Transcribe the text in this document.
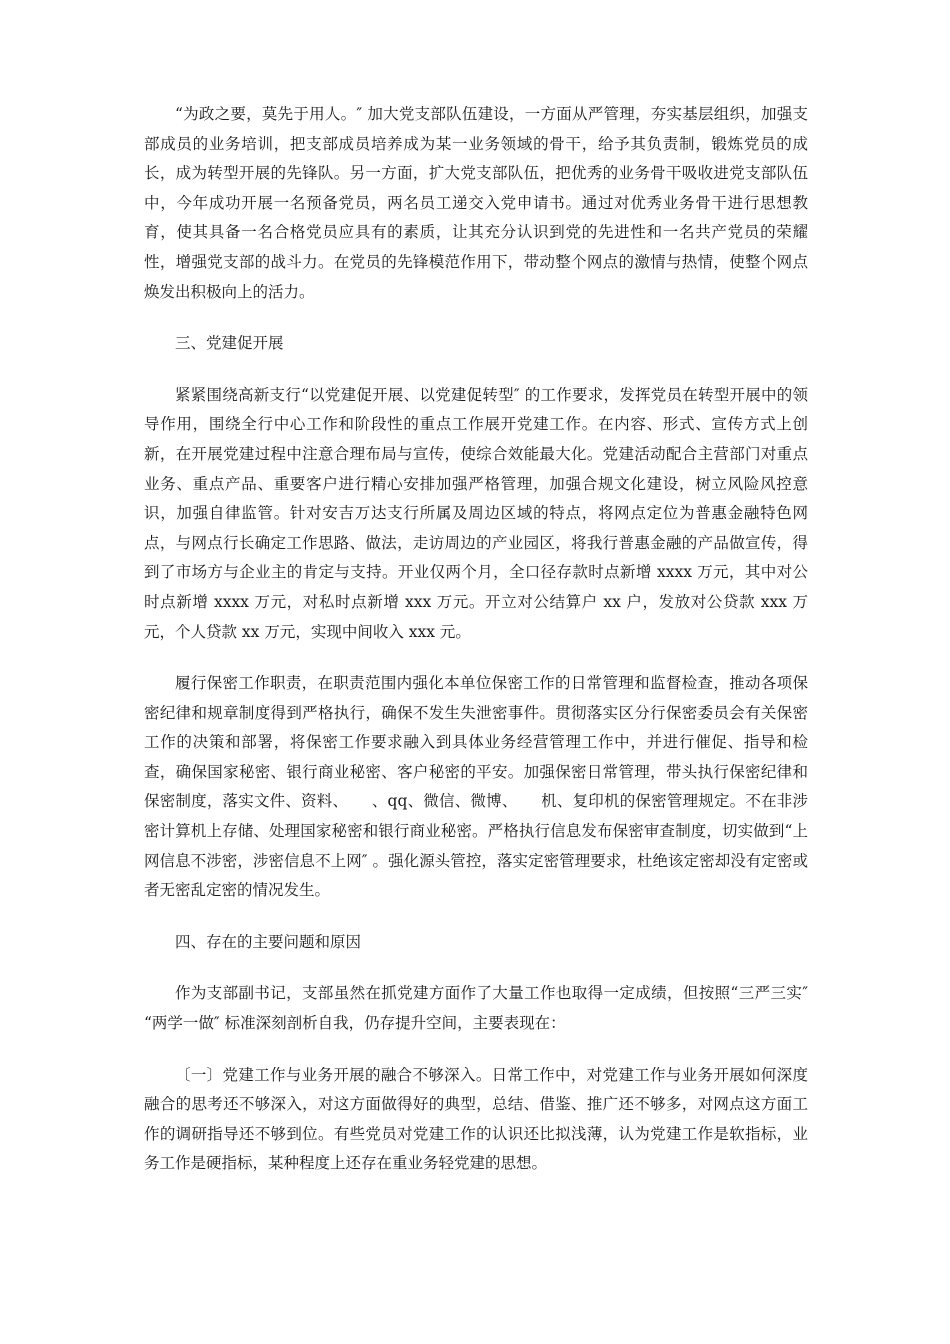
“为政之要，莫先于用人。″ 加大党支部队伍建设，一方面从严管理，夯实基层组织，加强支部成员的业务培训，把支部成员培养成为某一业务领域的骨干，给予其负责制，锻炼党员的成长，成为转型开展的先锋队。另一方面，扩大党支部队伍，把优秀的业务骨干吸收进党支部队伍中，今年成功开展一名预备党员，两名员工递交入党申请书。通过对优秀业务骨干进行思想教育，使其具备一名合格党员应具有的素质，让其充分认识到党的先进性和一名共产党员的荣耀性，增强党支部的战斗力。在党员的先锋模范作用下，带动整个网点的激情与热情，使整个网点焕发出积极向上的活力。

三、党建促开展

紧紧围绕高新支行“以党建促开展、以党建促转型″ 的工作要求，发挥党员在转型开展中的领导作用，围绕全行中心工作和阶段性的重点工作展开党建工作。在内容、形式、宣传方式上创新，在开展党建过程中注意合理布局与宣传，使综合效能最大化。党建活动配合主营部门对重点业务、重点产品、重要客户进行精心安排加强严格管理，加强合规文化建设，树立风险风控意识，加强自律监管。针对安吉万达支行所属及周边区域的特点，将网点定位为普惠金融特色网点，与网点行长确定工作思路、做法，走访周边的产业园区，将我行普惠金融的产品做宣传，得到了市场方与企业主的肯定与支持。开业仅两个月，全口径存款时点新增 xxxx 万元，其中对公时点新增 xxxx 万元，对私时点新增 xxx 万元。开立对公结算户 xx 户，发放对公贷款 xxx 万元，个人贷款 xx 万元，实现中间收入 xxx 元。

履行保密工作职责，在职责范围内强化本单位保密工作的日常管理和监督检查，推动各项保密纪律和规章制度得到严格执行，确保不发生失泄密事件。贯彻落实区分行保密委员会有关保密工作的决策和部署，将保密工作要求融入到具体业务经营管理工作中，并进行催促、指导和检查，确保国家秘密、银行商业秘密、客户秘密的平安。加强保密日常管理，带头执行保密纪律和保密制度，落实文件、资料、　　、qq、微信、微博、　　机、复印机的保密管理规定。不在非涉密计算机上存储、处理国家秘密和银行商业秘密。严格执行信息发布保密审查制度，切实做到“上网信息不涉密，涉密信息不上网″ 。强化源头管控，落实定密管理要求，杜绝该定密却没有定密或者无密乱定密的情况发生。

四、存在的主要问题和原因

作为支部副书记，支部虽然在抓党建方面作了大量工作也取得一定成绩，但按照“三严三实″ “两学一做″ 标准深刻剖析自我，仍存提升空间，主要表现在：

〔一〕党建工作与业务开展的融合不够深入。日常工作中，对党建工作与业务开展如何深度融合的思考还不够深入，对这方面做得好的典型，总结、借鉴、推广还不够多，对网点这方面工作的调研指导还不够到位。有些党员对党建工作的认识还比拟浅薄，认为党建工作是软指标，业务工作是硬指标，某种程度上还存在重业务轻党建的思想。
